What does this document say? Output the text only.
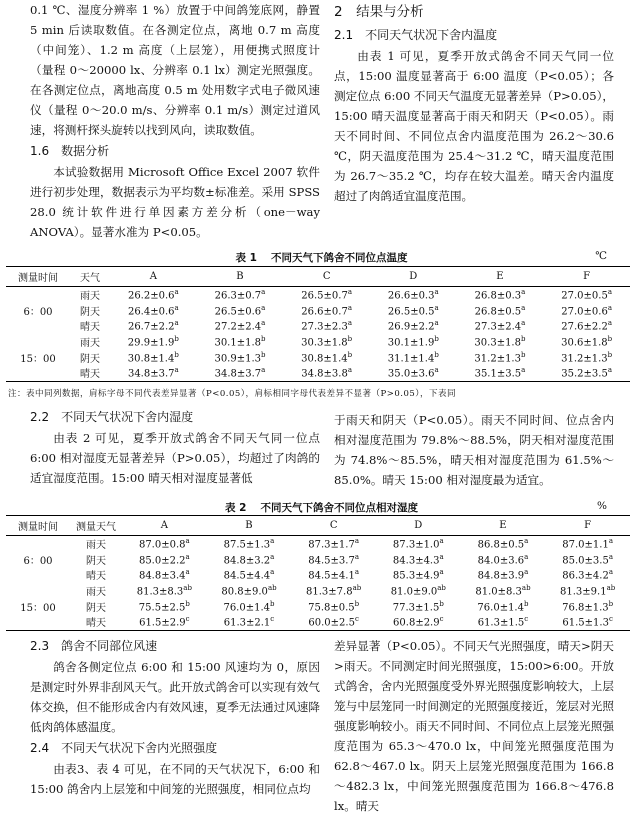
0.1 ℃、湿度分辨率 1 %）放置于中间鸽笼底网，静置 5 min 后读取数值。在各测定位点，离地 0.7 m 高度（中间笼）、1.2 m 高度（上层笼），用便携式照度计（量程 0～20000 lx、分辨率 0.1 lx）测定光照强度。在各测定位点，离地高度 0.5 m 处用数字式电子微风速仪（量程 0～20.0 m/s、分辨率 0.1 m/s）测定过道风速，将测杆探头旋转以找到风向，读取数值。

1.6　数据分析

本试验数据用 Microsoft Office Excel 2007 软件进行初步处理，数据表示为平均数±标准差。采用 SPSS 28.0 统计软件进行单因素方差分析（one－way ANOVA）。显著水准为 P<0.05。

2　结果与分析
2.1　不同天气状况下舍内温度

由表 1 可见，夏季开放式鸽舍不同天气同一位点，15:00 温度显著高于 6:00 温度（P<0.05）；各测定位点 6:00 不同天气温度无显著差异（P>0.05），15:00 晴天温度显著高于雨天和阴天（P<0.05）。雨天不同时间、不同位点舍内温度范围为 26.2～30.6 ℃，阴天温度范围为 25.4～31.2 ℃，晴天温度范围为 26.7～35.2 ℃，均存在较大温差。晴天舍内温度超过了肉鸽适宜温度范围。

表 1 不同天气下鸽舍不同位点温度	℃
测量时间	天气	A	B	C	D	E	F
	雨天	26.2±0.6$^a$	26.3±0.7$^a$	26.5±0.7$^a$	26.6±0.3$^a$	26.8±0.3$^a$	27.0±0.5$^a$
6：00	阴天	26.4±0.6$^a$	26.5±0.6$^a$	26.6±0.7$^a$	26.5±0.5$^a$	26.8±0.5$^a$	27.0±0.6$^a$
	晴天	26.7±2.2$^a$	27.2±2.4$^a$	27.3±2.3$^a$	26.9±2.2$^a$	27.3±2.4$^a$	27.6±2.2$^a$
	雨天	29.9±1.9$^b$	30.1±1.8$^b$	30.3±1.8$^b$	30.1±1.9$^b$	30.3±1.8$^b$	30.6±1.8$^b$
15：00	阴天	30.8±1.4$^b$	30.9±1.3$^b$	30.8±1.4$^b$	31.1±1.4$^b$	31.2±1.3$^b$	31.2±1.3$^b$
	晴天	34.8±3.7$^a$	34.8±3.7$^a$	34.8±3.8$^a$	35.0±3.6$^a$	35.1±3.5$^a$	35.2±3.5$^a$
注：表中同列数据，肩标字母不同代表差异显著（P<0.05），肩标相同字母代表差异不显著（P>0.05），下表同
2.2　不同天气状况下舍内湿度

由表 2 可见，夏季开放式鸽舍不同天气同一位点 6:00 相对湿度无显著差异（P>0.05），均超过了肉鸽的适宜湿度范围。15:00 晴天相对湿度显著低

于雨天和阴天（P<0.05）。雨天不同时间、位点舍内相对湿度范围为 79.8%～88.5%，阴天相对湿度范围为 74.8%～85.5%，晴天相对湿度范围为 61.5%～85.0%。晴天 15:00 相对湿度最为适宜。

表 2 不同天气下鸽舍不同位点相对湿度	%
测量时间	测量天气	A	B	C	D	E	F
	雨天	87.0±0.8$^a$	87.5±1.3$^a$	87.3±1.7$^a$	87.3±1.0$^a$	86.8±0.5$^a$	87.0±1.1$^a$
6：00	阴天	85.0±2.2$^a$	84.8±3.2$^a$	84.5±3.7$^a$	84.3±4.3$^a$	84.0±3.6$^a$	85.0±3.5$^a$
	晴天	84.8±3.4$^a$	84.5±4.4$^a$	84.5±4.1$^a$	85.3±4.9$^a$	84.8±3.9$^a$	86.3±4.2$^a$
	雨天	81.3±8.3$^{ab}$	80.8±9.0$^{ab}$	81.3±7.8$^{ab}$	81.0±9.0$^{ab}$	81.0±8.3$^{ab}$	81.3±9.1$^{ab}$
15：00	阴天	75.5±2.5$^b$	76.0±1.4$^b$	75.8±0.5$^b$	77.3±1.5$^b$	76.0±1.4$^b$	76.8±1.3$^b$
	晴天	61.5±2.9$^c$	61.3±2.1$^c$	60.0±2.5$^c$	60.8±2.9$^c$	61.3±1.5$^c$	61.5±1.3$^c$
2.3　鸽舍不同部位风速

鸽舍各侧定位点 6:00 和 15:00 风速均为 0，原因是测定时外界非刮风天气。此开放式鸽舍可以实现有效气体交换，但不能形成舍内有效风速，夏季无法通过风速降低肉鸽体感温度。

2.4　不同天气状况下舍内光照强度

由表3、表 4 可见，在不同的天气状况下，6:00 和 15:00 鸽舍内上层笼和中间笼的光照强度，相同位点均

差异显著（P<0.05）。不同天气光照强度，晴天>阴天>雨天。不同测定时间光照强度，15:00>6:00。开放式鸽舍，舍内光照强度受外界光照强度影响较大，上层笼与中层笼同一时间测定的光照强度接近，笼层对光照强度影响较小。雨天不同时间、不同位点上层笼光照强度范围为 65.3～470.0 lx，中间笼光照强度范围为 62.8～467.0 lx。阴天上层笼光照强度范围为 166.8～482.3 lx，中间笼光照强度范围为 166.8～476.8 lx。晴天
